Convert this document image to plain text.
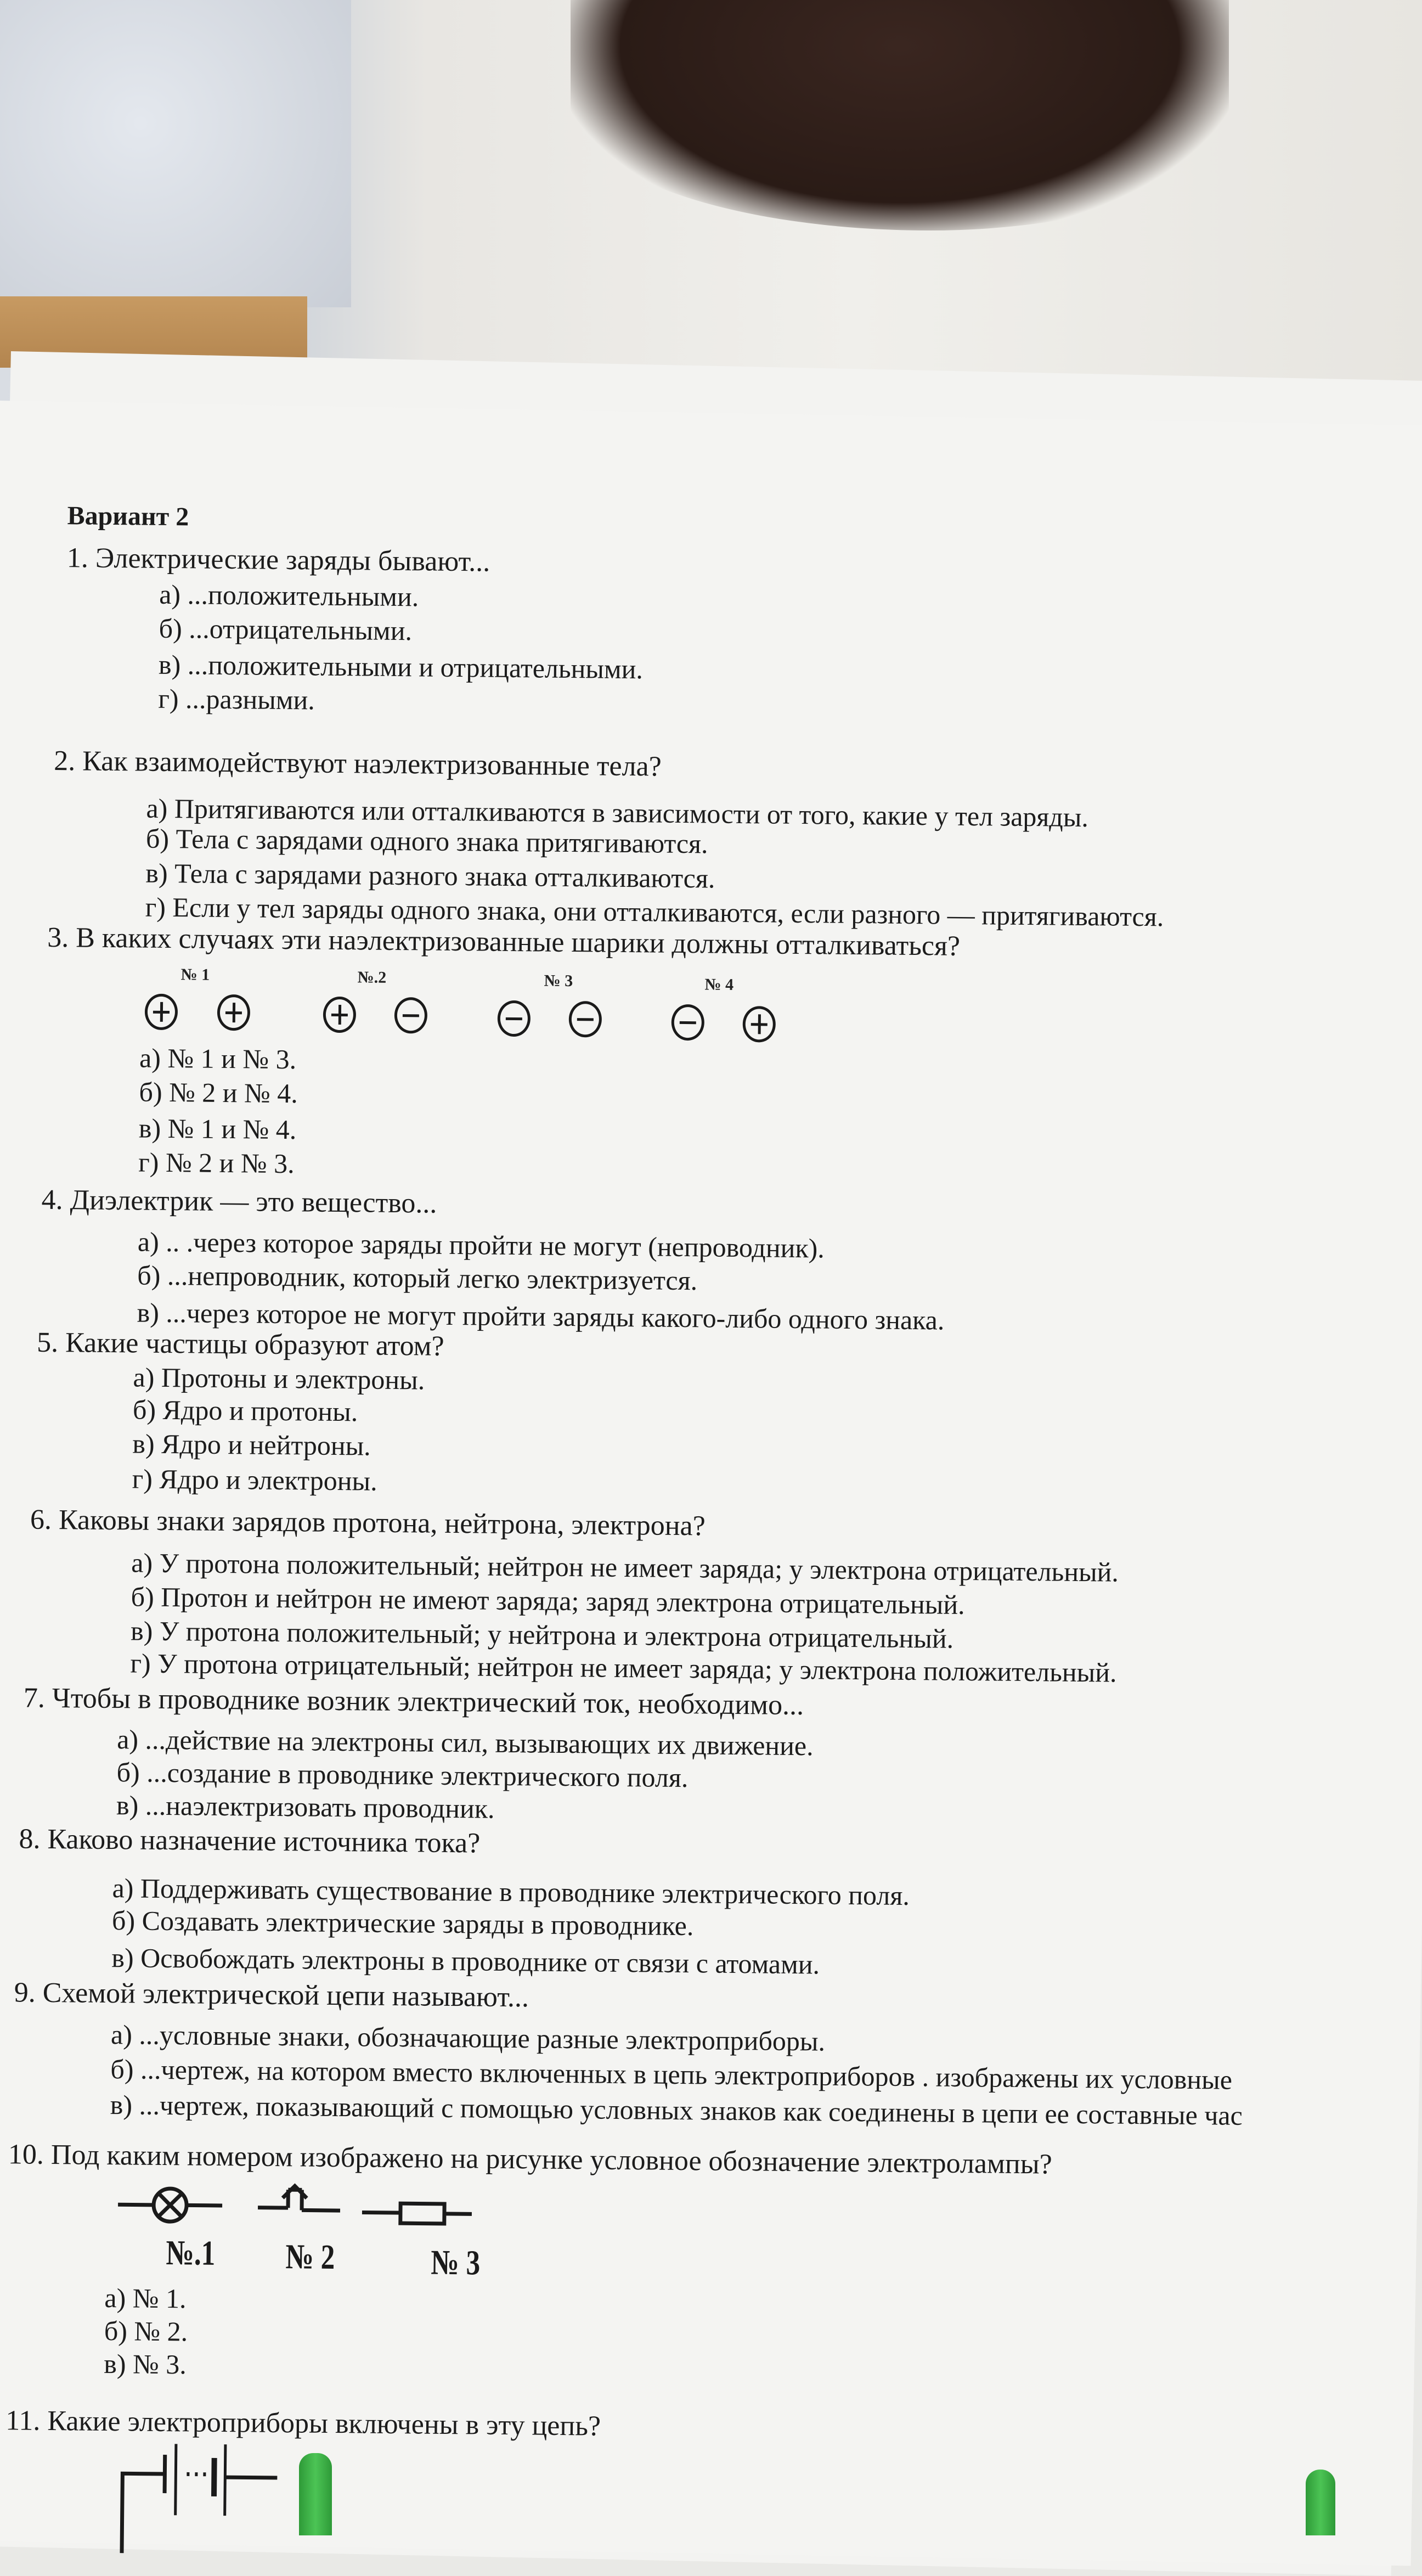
Вариант 2
1. Электрические заряды бывают...
а) ...положительными.
б) ...отрицательными.
в) ...положительными и отрицательными.
г) ...разными.
2. Как взаимодействуют наэлектризованные тела?
а) Притягиваются или отталкиваются в зависимости от того, какие у тел заряды.
б) Тела с зарядами одного знака притягиваются.
в) Тела с зарядами разного знака отталкиваются.
г) Если у тел заряды одного знака, они отталкиваются, если разного — притягиваются.
3. В каких случаях эти наэлектризованные шарики должны отталкиваться?
№ 1	№.2	№ 3	№ 4
а) № 1 и № 3.
б) № 2 и № 4.
в) № 1 и № 4.
г) № 2 и № 3.
4. Диэлектрик — это вещество...
а) .. .через которое заряды пройти не могут (непроводник).
б) ...непроводник, который легко электризуется.
в) ...через которое не могут пройти заряды какого-либо одного знака.
5. Какие частицы образуют атом?
а) Протоны и электроны.
б) Ядро и протоны.
в) Ядро и нейтроны.
г) Ядро и электроны.
6. Каковы знаки зарядов протона, нейтрона, электрона?
а) У протона положительный; нейтрон не имеет заряда; у электрона отрицательный.
б) Протон и нейтрон не имеют заряда; заряд электрона отрицательный.
в) У протона положительный; у нейтрона и электрона отрицательный.
г) У протона отрицательный; нейтрон не имеет заряда; у электрона положительный.
7. Чтобы в проводнике возник электрический ток, необходимо...
а) ...действие на электроны сил, вызывающих их движение.
б) ...создание в проводнике электрического поля.
в) ...наэлектризовать проводник.
8. Каково назначение источника тока?
а) Поддерживать существование в проводнике электрического поля.
б) Создавать электрические заряды в проводнике.
в) Освобождать электроны в проводнике от связи с атомами.
9. Схемой электрической цепи называют...
а) ...условные знаки, обозначающие разные электроприборы.
б) ...чертеж, на котором вместо включенных в цепь электроприборов . изображены их условные
в) ...чертеж, показывающий с помощью условных знаков как соединены в цепи ее составные час
10. Под каким номером изображено на рисунке условное обозначение электролампы?
№.1 № 2	№ 3
а) № 1.
б) № 2.
в) № 3.
11. Какие электроприборы включены в эту цепь?
